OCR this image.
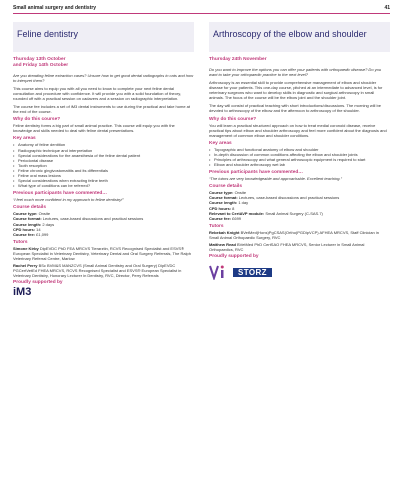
Small animal surgery and dentistry	41
Feline dentistry
Thursday 13th October
and Friday 14th October

Are you dreading feline extraction cases? Unsure how to get good dental radiographs in cats and how to interpret them?

This course aims to equip you with all you need to know to complete your next feline dental consultation and procedure with confidence. It will provide you with a solid foundation of theory, rounded off with a practical session on cadavers and a session on radiographic interpretation.

The course fee includes a set of iM3 dental instruments to use during the practical and take home at the end of the course.

Why do this course?

Feline dentistry forms a big part of small animal practice. This course will equip you with the knowledge and skills needed to deal with feline dental presentations.

Key areas
• Anatomy of feline dentition
• Radiographic technique and interpretation
• Special considerations for the anaesthesia of the feline dental patient
• Periodontal disease
• Tooth resorption
• Feline chronic gingivostomatitis and its differentials
• Feline oral mass lesions
• Special considerations when extracting feline teeth
• What type of conditions can be referred?
Previous participants have commented…

“I feel much more confident in my approach to feline dentistry!”

Course details
Course type: Onsite
Course format: Lectures, case-based discussions and practical sessions
Course length: 2 days
CPD hours: 14
Course fee: £1,099
Tutors
Simone Kirby DipEVDC PhD FEA MRCVS Tierarztin, RCVS Recognised Specialist and ESVS® European Specialist in Veterinary Dentistry, Veterinary Dental and Oral Surgery Referrals, The Ralph Veterinary Referral Centre, Marlow
Rachel Perry BSc BVM&S MANZCVS (Small Animal Dentistry and Oral Surgery) DipEVDC PGCertVetEd FHEA MRCVS, RCVS Recognised Specialist and ESVS® European Specialist in Veterinary Dentistry, Honorary Lecturer in Dentistry, RVC, Director, Perry Referrals
Proudly supported by
iM3
Arthroscopy of the elbow and shoulder
Thursday 24th November

Do you want to improve the options you can offer your patients with orthopaedic disease? Do you want to take your orthopaedic practice to the next level?

Arthroscopy is an essential skill to provide comprehensive management of elbow and shoulder disease for your patients. This one-day course, pitched at an intermediate to advanced level, is for veterinary surgeons who want to develop skills in diagnostic and surgical arthroscopy in small animals. The focus of the course will be the elbow joint and the shoulder joint.

The day will consist of practical teaching with short introductions/discussions. The morning will be devoted to arthroscopy of the elbow and the afternoon to arthroscopy of the shoulder.

Why do this course?

You will learn a practical structured approach on how to treat medial coronoid disease, receive practical tips about elbow and shoulder arthroscopy and feel more confident about the diagnosis and management of common elbow and shoulder conditions.

Key areas
• Topographic and functional anatomy of elbow and shoulder
• In-depth discussion of common conditions affecting the elbow and shoulder joints
• Principles of arthroscopy and what general arthroscopic equipment is required to start
• Elbow and shoulder arthroscopy wet lab
Previous participants have commented…

“The tutors are very knowledgeable and approachable. Excellent teaching.”

Course details
Course type: Onsite
Course format: Lectures, case-based discussions and practical sessions
Course length: 1 day
CPD hours: 8
Relevant to CertAVP module: Small Animal Surgery (C-SAS.7)
Course fee: £699
Tutors
Rebekah Knight BVetMed(Hons)PgCSAS(Ortho)PGDipVCP) AFHEA MRCVS, Staff Clinician in Small Animal Orthopaedic Surgery, RVC
Matthew Read BVetMed PhD CertSAO FHEA MRCVS, Senior Lecturer in Small Animal Orthopaedics, RVC
Proudly supported by
STORZ
